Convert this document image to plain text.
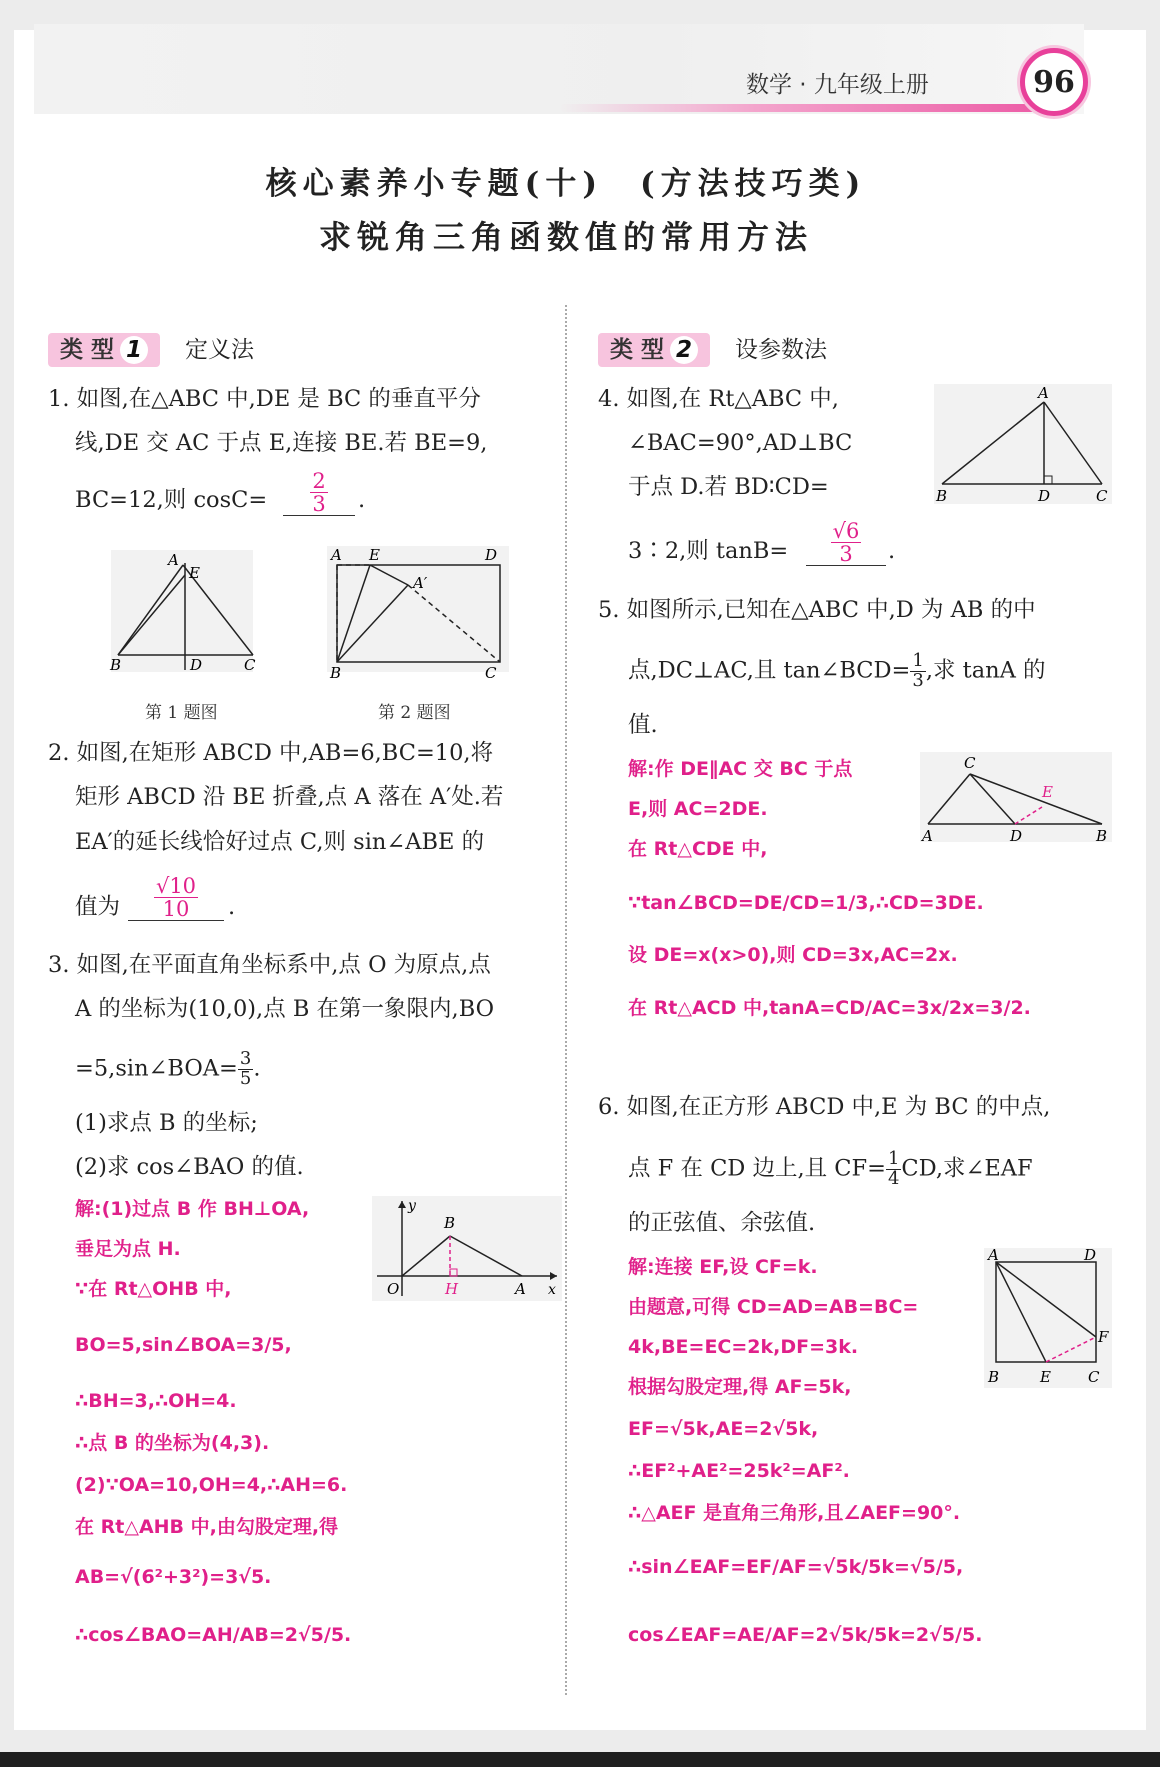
数学 · 九年级上册	96
核心素养小专题(十)　(方法技巧类)
求锐角三角函数值的常用方法
类 型 1	定义法	类 型 2	设参数法
1. 如图,在△ABC 中,DE 是 BC 的垂直平分
线,DE 交 AC 于点 E,连接 BE.若 BE=9,
BC=12,则 $\cos C= \frac{2}{3}$ .
A
E
B	D	C
第 1 题图
A E	D
A′
B	C
第 2 题图
2. 如图,在矩形 ABCD 中,AB=6,BC=10,将
矩形 ABCD 沿 BE 折叠,点 A 落在 A′处.若
EA′的延长线恰好过点 C,则 sin∠ABE 的
值为 $\frac{√10}{10}$ .
3. 如图,在平面直角坐标系中,点 O 为原点,点
A 的坐标为(10,0),点 B 在第一象限内,BO
=5,sin∠BOA= $\frac{3}{5}$ .
(1)求点 B 的坐标;
(2)求 cos∠BAO 的值.
解:(1)过点 B 作 BH⊥OA,
垂足为点 H.
∵在 Rt△OHB 中,
BO=5,sin∠BOA=3/5,
∴BH=3,∴OH=4.
∴点 B 的坐标为(4,3).
(2)∵OA=10,OH=4,∴AH=6.
在 Rt△AHB 中,由勾股定理,得
AB=√(6²+3²)=3√5.
∴cos∠BAO=AH/AB=2√5/5.
y
x
O
B
H	A
4. 如图,在 Rt△ABC 中,
∠BAC=90°,AD⊥BC
于点 D.若 BD∶CD=
3∶2,则 $\tan B= \frac{√6}{3}$ .
A
B	D	C
5. 如图所示,已知在△ABC 中,D 为 AB 的中
点,DC⊥AC,且 tan∠BCD= $\frac{1}{3}$ ,求 tanA 的
值.
解:作 DE∥AC 交 BC 于点
E,则 AC=2DE.
在 Rt△CDE 中,
∵tan∠BCD=DE/CD=1/3,∴CD=3DE.
设 DE=x(x>0),则 CD=3x,AC=2x.
在 Rt△ACD 中,tanA=CD/AC=3x/2x=3/2.
C
E
A	D	B
6. 如图,在正方形 ABCD 中,E 为 BC 的中点,
点 F 在 CD 边上,且 $CF= \frac{1}{4}$ CD,求∠EAF
的正弦值、余弦值.
解:连接 EF,设 CF=k.
由题意,可得 CD=AD=AB=BC=
4k,BE=EC=2k,DF=3k.
根据勾股定理,得 AF=5k,
EF=√5k,AE=2√5k,
∴EF²+AE²=25k²=AF².
∴△AEF 是直角三角形,且∠AEF=90°.
∴sin∠EAF=EF/AF=√5k/5k=√5/5,
cos∠EAF=AE/AF=2√5k/5k=2√5/5.
A	D
B	E C
F
